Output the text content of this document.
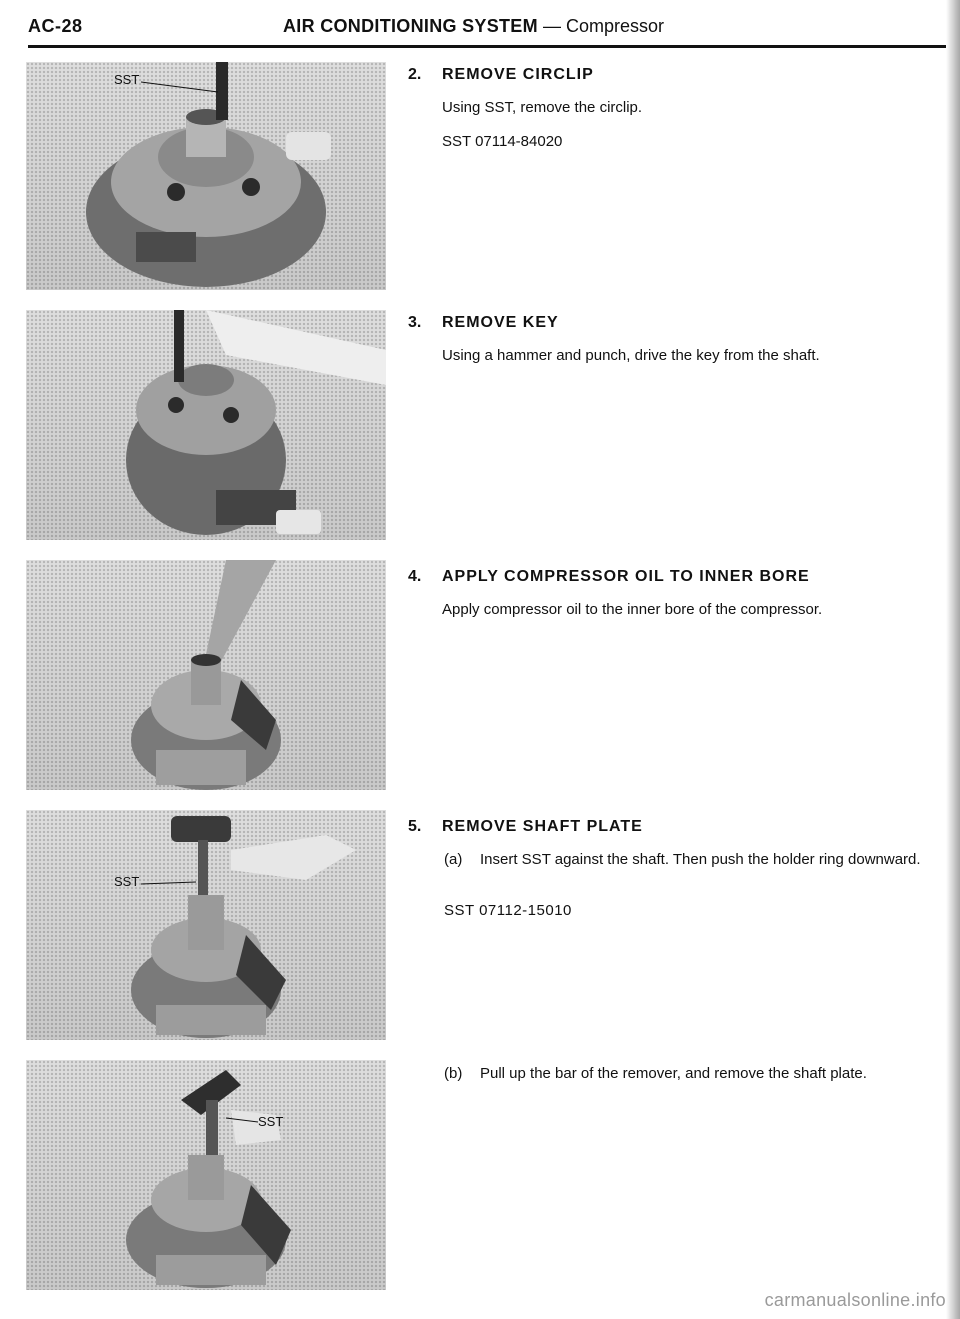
AC-28	AIR CONDITIONING SYSTEM — Compressor
SST
SST
SST
2. REMOVE CIRCLIP

Using SST, remove the circlip.

SST 07114-84020

3. REMOVE KEY

Using a hammer and punch, drive the key from the shaft.

4. APPLY COMPRESSOR OIL TO INNER BORE

Apply compressor oil to the inner bore of the compressor.

5. REMOVE SHAFT PLATE
(a) Insert SST against the shaft. Then push the holder ring downward.
SST 07112-15010
(b) Pull up the bar of the remover, and remove the shaft plate.
carmanualsonline.info
